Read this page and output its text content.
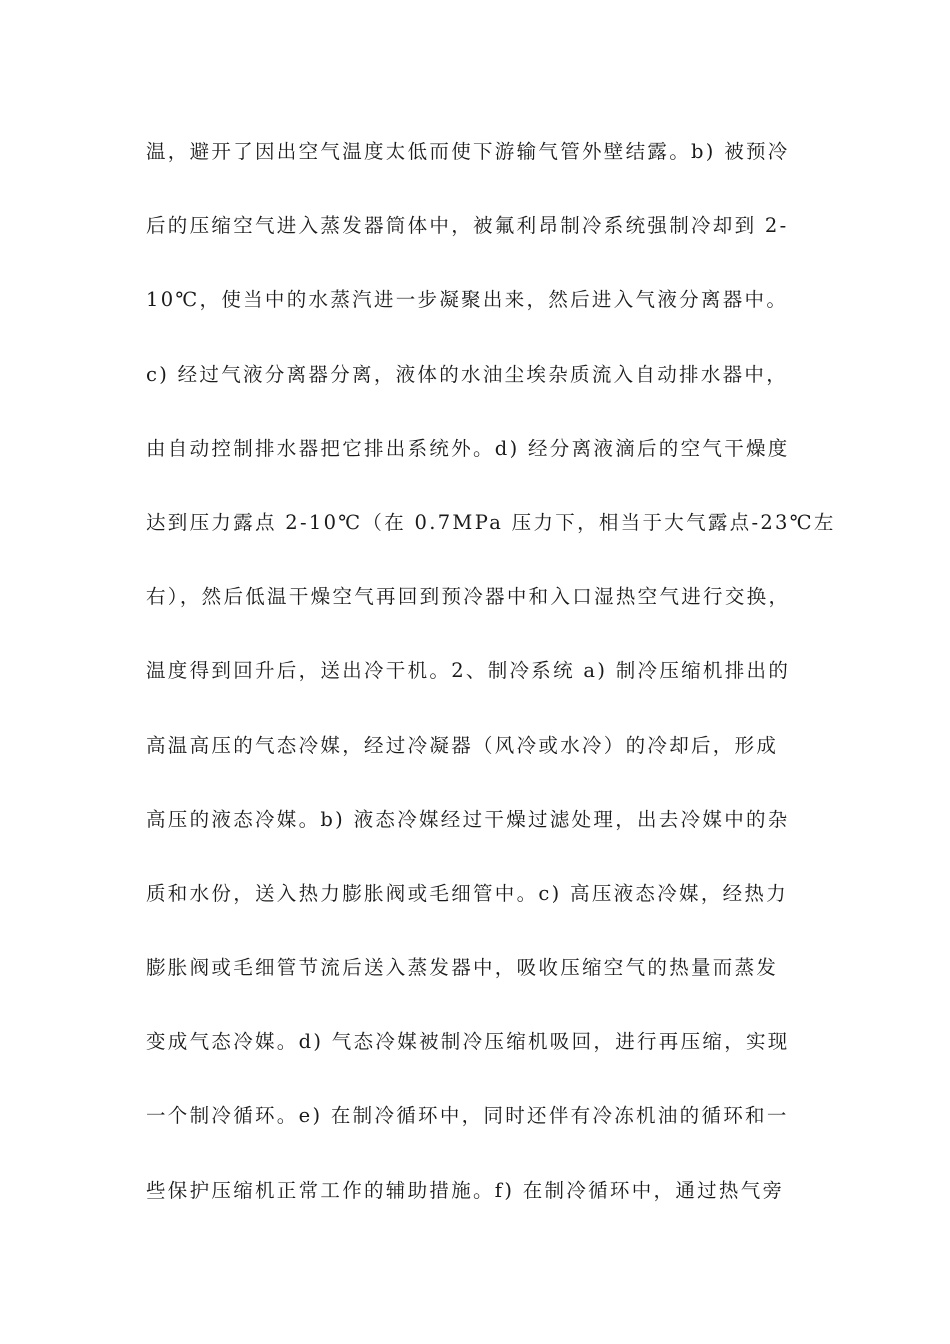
温，避开了因出空气温度太低而使下游输气管外壁结露。b) 被预冷
后的压缩空气进入蒸发器筒体中，被氟利昂制冷系统强制冷却到 2-
10℃，使当中的水蒸汽进一步凝聚出来，然后进入气液分离器中。
c) 经过气液分离器分离，液体的水油尘埃杂质流入自动排水器中，
由自动控制排水器把它排出系统外。d) 经分离液滴后的空气干燥度
达到压力露点 2-10℃（在 0.7MPa 压力下，相当于大气露点-23℃左
右），然后低温干燥空气再回到预冷器中和入口湿热空气进行交换，
温度得到回升后，送出冷干机。2、制冷系统 a) 制冷压缩机排出的
高温高压的气态冷媒，经过冷凝器（风冷或水冷）的冷却后，形成
高压的液态冷媒。b) 液态冷媒经过干燥过滤处理，出去冷媒中的杂
质和水份，送入热力膨胀阀或毛细管中。c) 高压液态冷媒，经热力
膨胀阀或毛细管节流后送入蒸发器中，吸收压缩空气的热量而蒸发
变成气态冷媒。d) 气态冷媒被制冷压缩机吸回，进行再压缩，实现
一个制冷循环。e) 在制冷循环中，同时还伴有冷冻机油的循环和一
些保护压缩机正常工作的辅助措施。f) 在制冷循环中，通过热气旁
